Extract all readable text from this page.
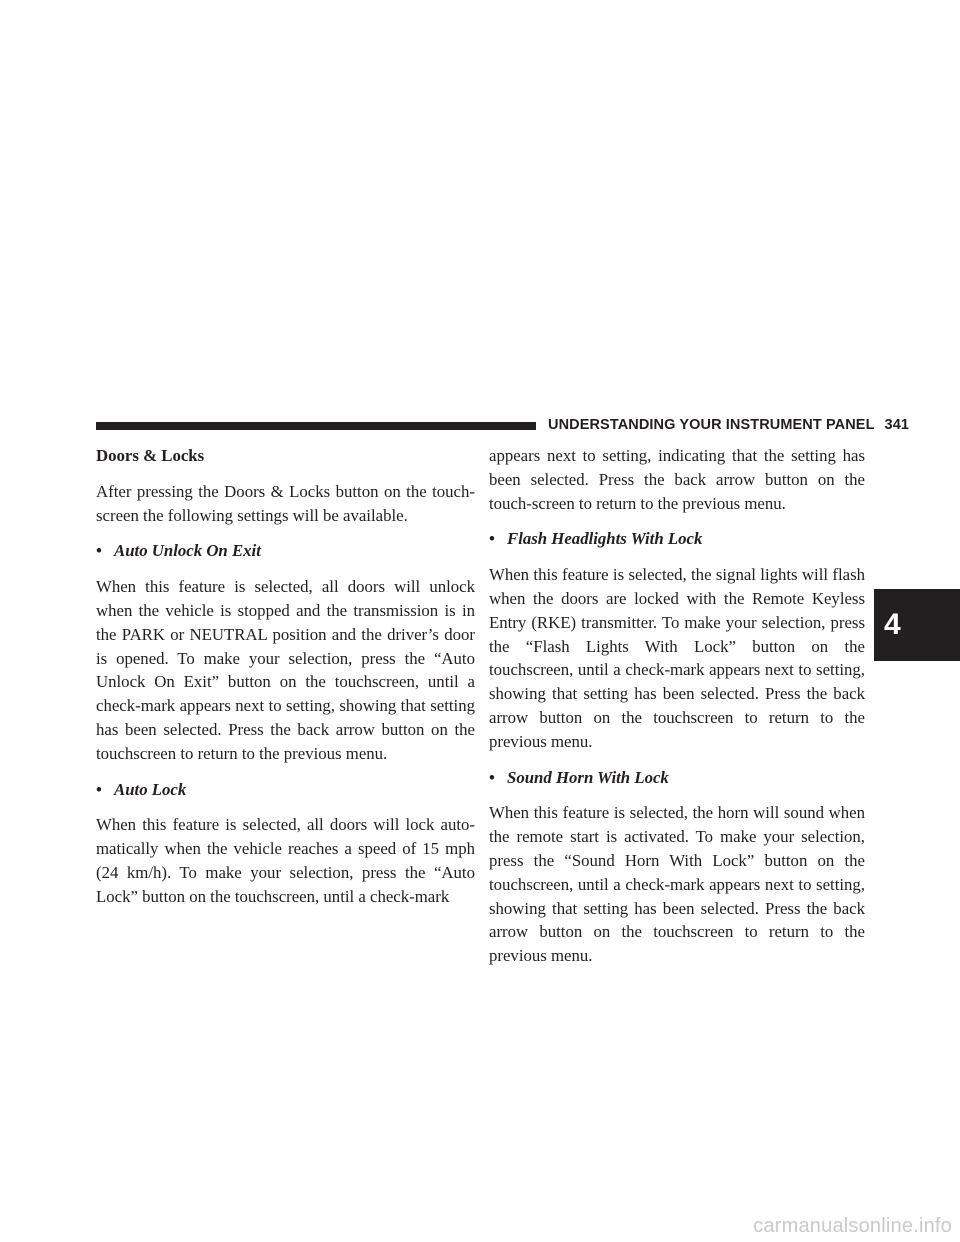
UNDERSTANDING YOUR INSTRUMENT PANEL 341

Doors & Locks

After pressing the Doors & Locks button on the touch-screen the following settings will be available.

• Auto Unlock On Exit

When this feature is selected, all doors will unlock when the vehicle is stopped and the transmission is in the PARK or NEUTRAL position and the driver’s door is opened. To make your selection, press the “Auto Unlock On Exit” button on the touchscreen, until a check-mark appears next to setting, showing that setting has been selected. Press the back arrow button on the touchscreen to return to the previous menu.

• Auto Lock

When this feature is selected, all doors will lock auto-matically when the vehicle reaches a speed of 15 mph (24 km/h). To make your selection, press the “Auto Lock” button on the touchscreen, until a check-mark

appears next to setting, indicating that the setting has been selected. Press the back arrow button on the touch-screen to return to the previous menu.

• Flash Headlights With Lock

When this feature is selected, the signal lights will flash when the doors are locked with the Remote Keyless Entry (RKE) transmitter. To make your selection, press the “Flash Lights With Lock” button on the touchscreen, until a check-mark appears next to setting, showing that setting has been selected. Press the back arrow button on the touchscreen to return to the previous menu.

• Sound Horn With Lock

When this feature is selected, the horn will sound when the remote start is activated. To make your selection, press the “Sound Horn With Lock” button on the touchscreen, until a check-mark appears next to setting, showing that setting has been selected. Press the back arrow button on the touchscreen to return to the previous menu.

4
carmanualsonline.info
